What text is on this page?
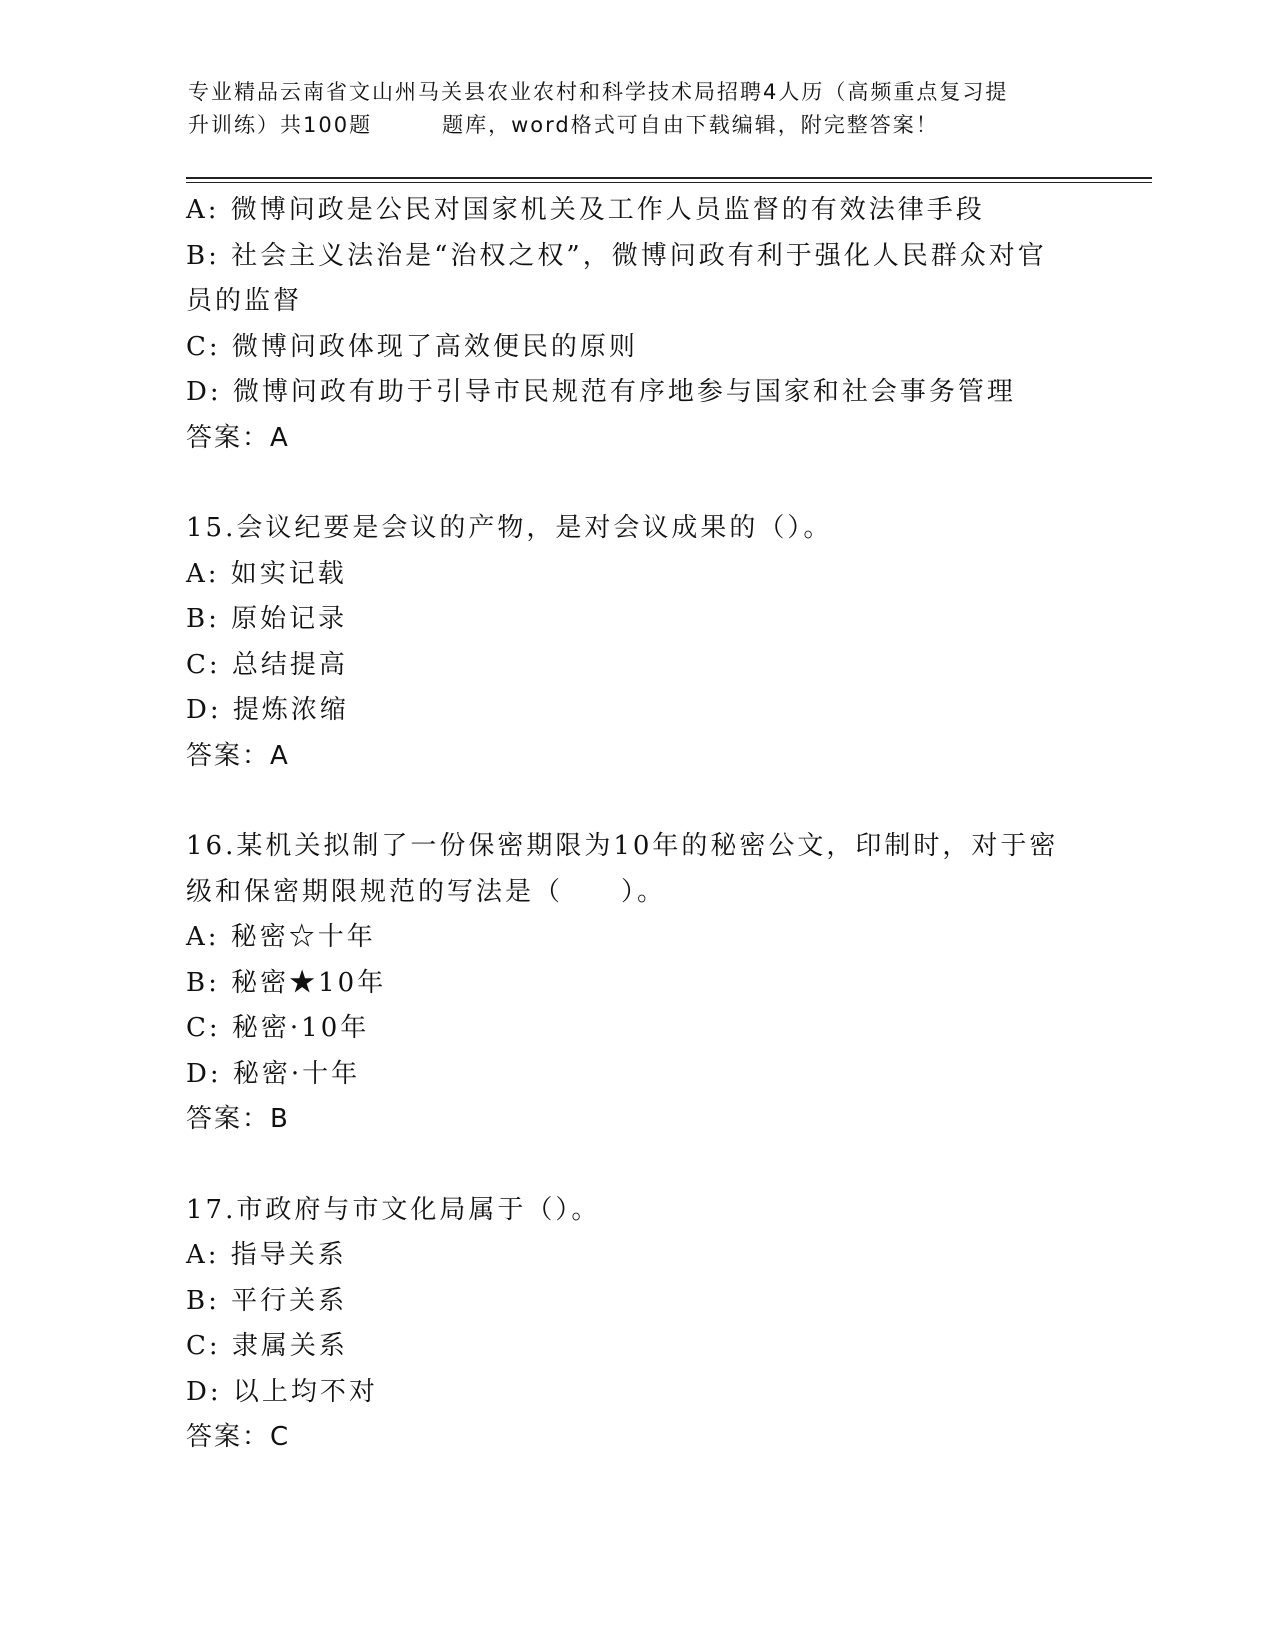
专业精品云南省文山州马关县农业农村和科学技术局招聘4人历（高频重点复习提
升训练）共100题	题库，word格式可自由下载编辑，附完整答案！
A: 微博问政是公民对国家机关及工作人员监督的有效法律手段
B: 社会主义法治是“治权之权”，微博问政有利于强化人民群众对官
员的监督
C: 微博问政体现了高效便民的原则
D: 微博问政有助于引导市民规范有序地参与国家和社会事务管理
答案：A
15.会议纪要是会议的产物，是对会议成果的（）。
A: 如实记载
B: 原始记录
C: 总结提高
D: 提炼浓缩
答案：A
16.某机关拟制了一份保密期限为10年的秘密公文，印制时，对于密
级和保密期限规范的写法是（　　）。
A: 秘密☆十年
B: 秘密★10年
C: 秘密·10年
D: 秘密·十年
答案：B
17.市政府与市文化局属于（）。
A: 指导关系
B: 平行关系
C: 隶属关系
D: 以上均不对
答案：C
